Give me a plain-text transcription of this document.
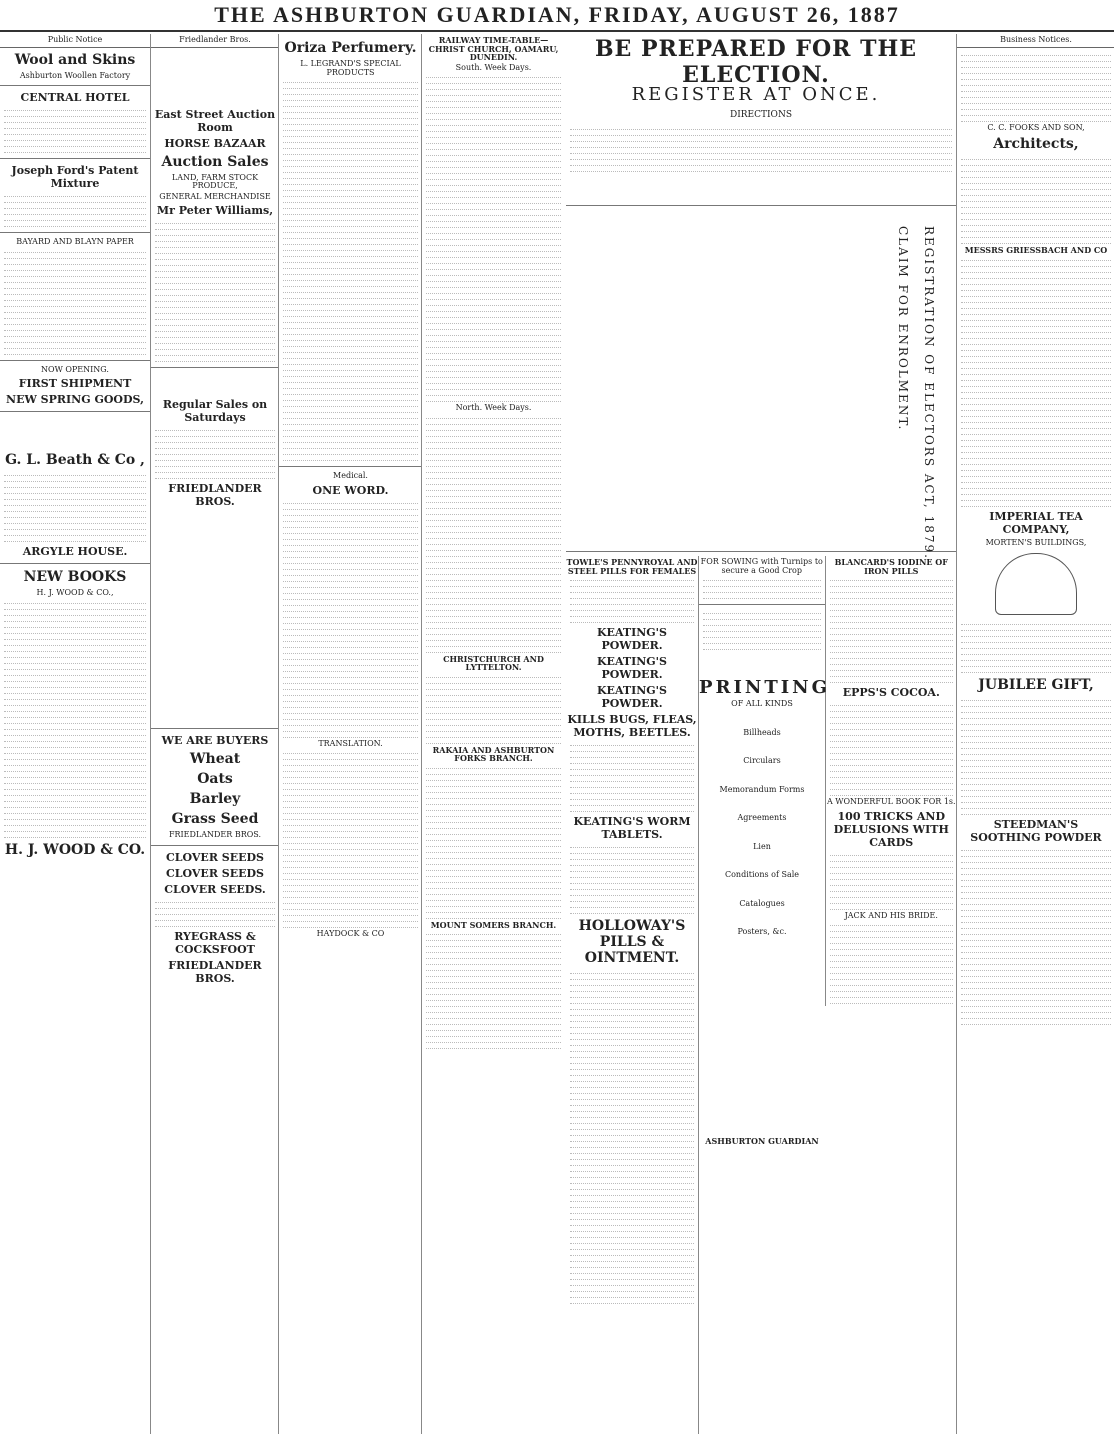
THE ASHBURTON GUARDIAN, FRIDAY, AUGUST 26, 1887
Public Notice
Wool and Skins
Ashburton Woollen Factory
CENTRAL HOTEL
Joseph Ford's Patent Mixture
BAYARD AND BLAYN PAPER
NOW OPENING.
FIRST SHIPMENT
NEW SPRING GOODS,
G. L. Beath & Co ,
ARGYLE HOUSE.
NEW BOOKS
H. J. WOOD & CO.,
H. J. WOOD & CO.
Friedlander Bros.
East Street Auction Room
HORSE BAZAAR
Auction Sales
LAND, FARM STOCK PRODUCE,
GENERAL MERCHANDISE
Mr Peter Williams,
Regular Sales on Saturdays
FRIEDLANDER BROS.
WE ARE BUYERS
Wheat
Oats
Barley
Grass Seed
FRIEDLANDER BROS.
CLOVER SEEDS
CLOVER SEEDS
CLOVER SEEDS.
RYEGRASS & COCKSFOOT
FRIEDLANDER BROS.
Oriza Perfumery.
L. LEGRAND'S SPECIAL PRODUCTS
Medical.
ONE WORD.
TRANSLATION.
HAYDOCK & CO
RAILWAY TIME-TABLE—CHRIST CHURCH, OAMARU, DUNEDIN.
South. Week Days.
North. Week Days.
CHRISTCHURCH AND LYTTELTON.
RAKAIA AND ASHBURTON FORKS BRANCH.
MOUNT SOMERS BRANCH.
BE PREPARED FOR THE ELECTION.
REGISTER AT ONCE.
DIRECTIONS
REGISTRATION OF ELECTORS ACT, 1879.
CLAIM FOR ENROLMENT.
TOWLE'S PENNYROYAL AND STEEL PILLS FOR FEMALES
KEATING'S POWDER.
KEATING'S POWDER.
KEATING'S POWDER.
KILLS BUGS, FLEAS, MOTHS, BEETLES.
KEATING'S WORM TABLETS.
HOLLOWAY'S PILLS & OINTMENT.
FOR SOWING with Turnips to secure a Good Crop
BLANCARD'S IODINE OF IRON PILLS
EPPS'S COCOA.
A WONDERFUL BOOK FOR 1s.
100 TRICKS AND DELUSIONS WITH CARDS
JACK AND HIS BRIDE.
PRINTING
OF ALL KINDS
Billheads
Circulars
Memorandum Forms
Agreements
Lien
Conditions of Sale
Catalogues
Posters, &c.
ASHBURTON GUARDIAN
Business Notices.
C. C. FOOKS AND SON,
Architects,
MESSRS GRIESSBACH AND CO
IMPERIAL TEA COMPANY,
MORTEN'S BUILDINGS,
JUBILEE GIFT,
STEEDMAN'S SOOTHING POWDER
